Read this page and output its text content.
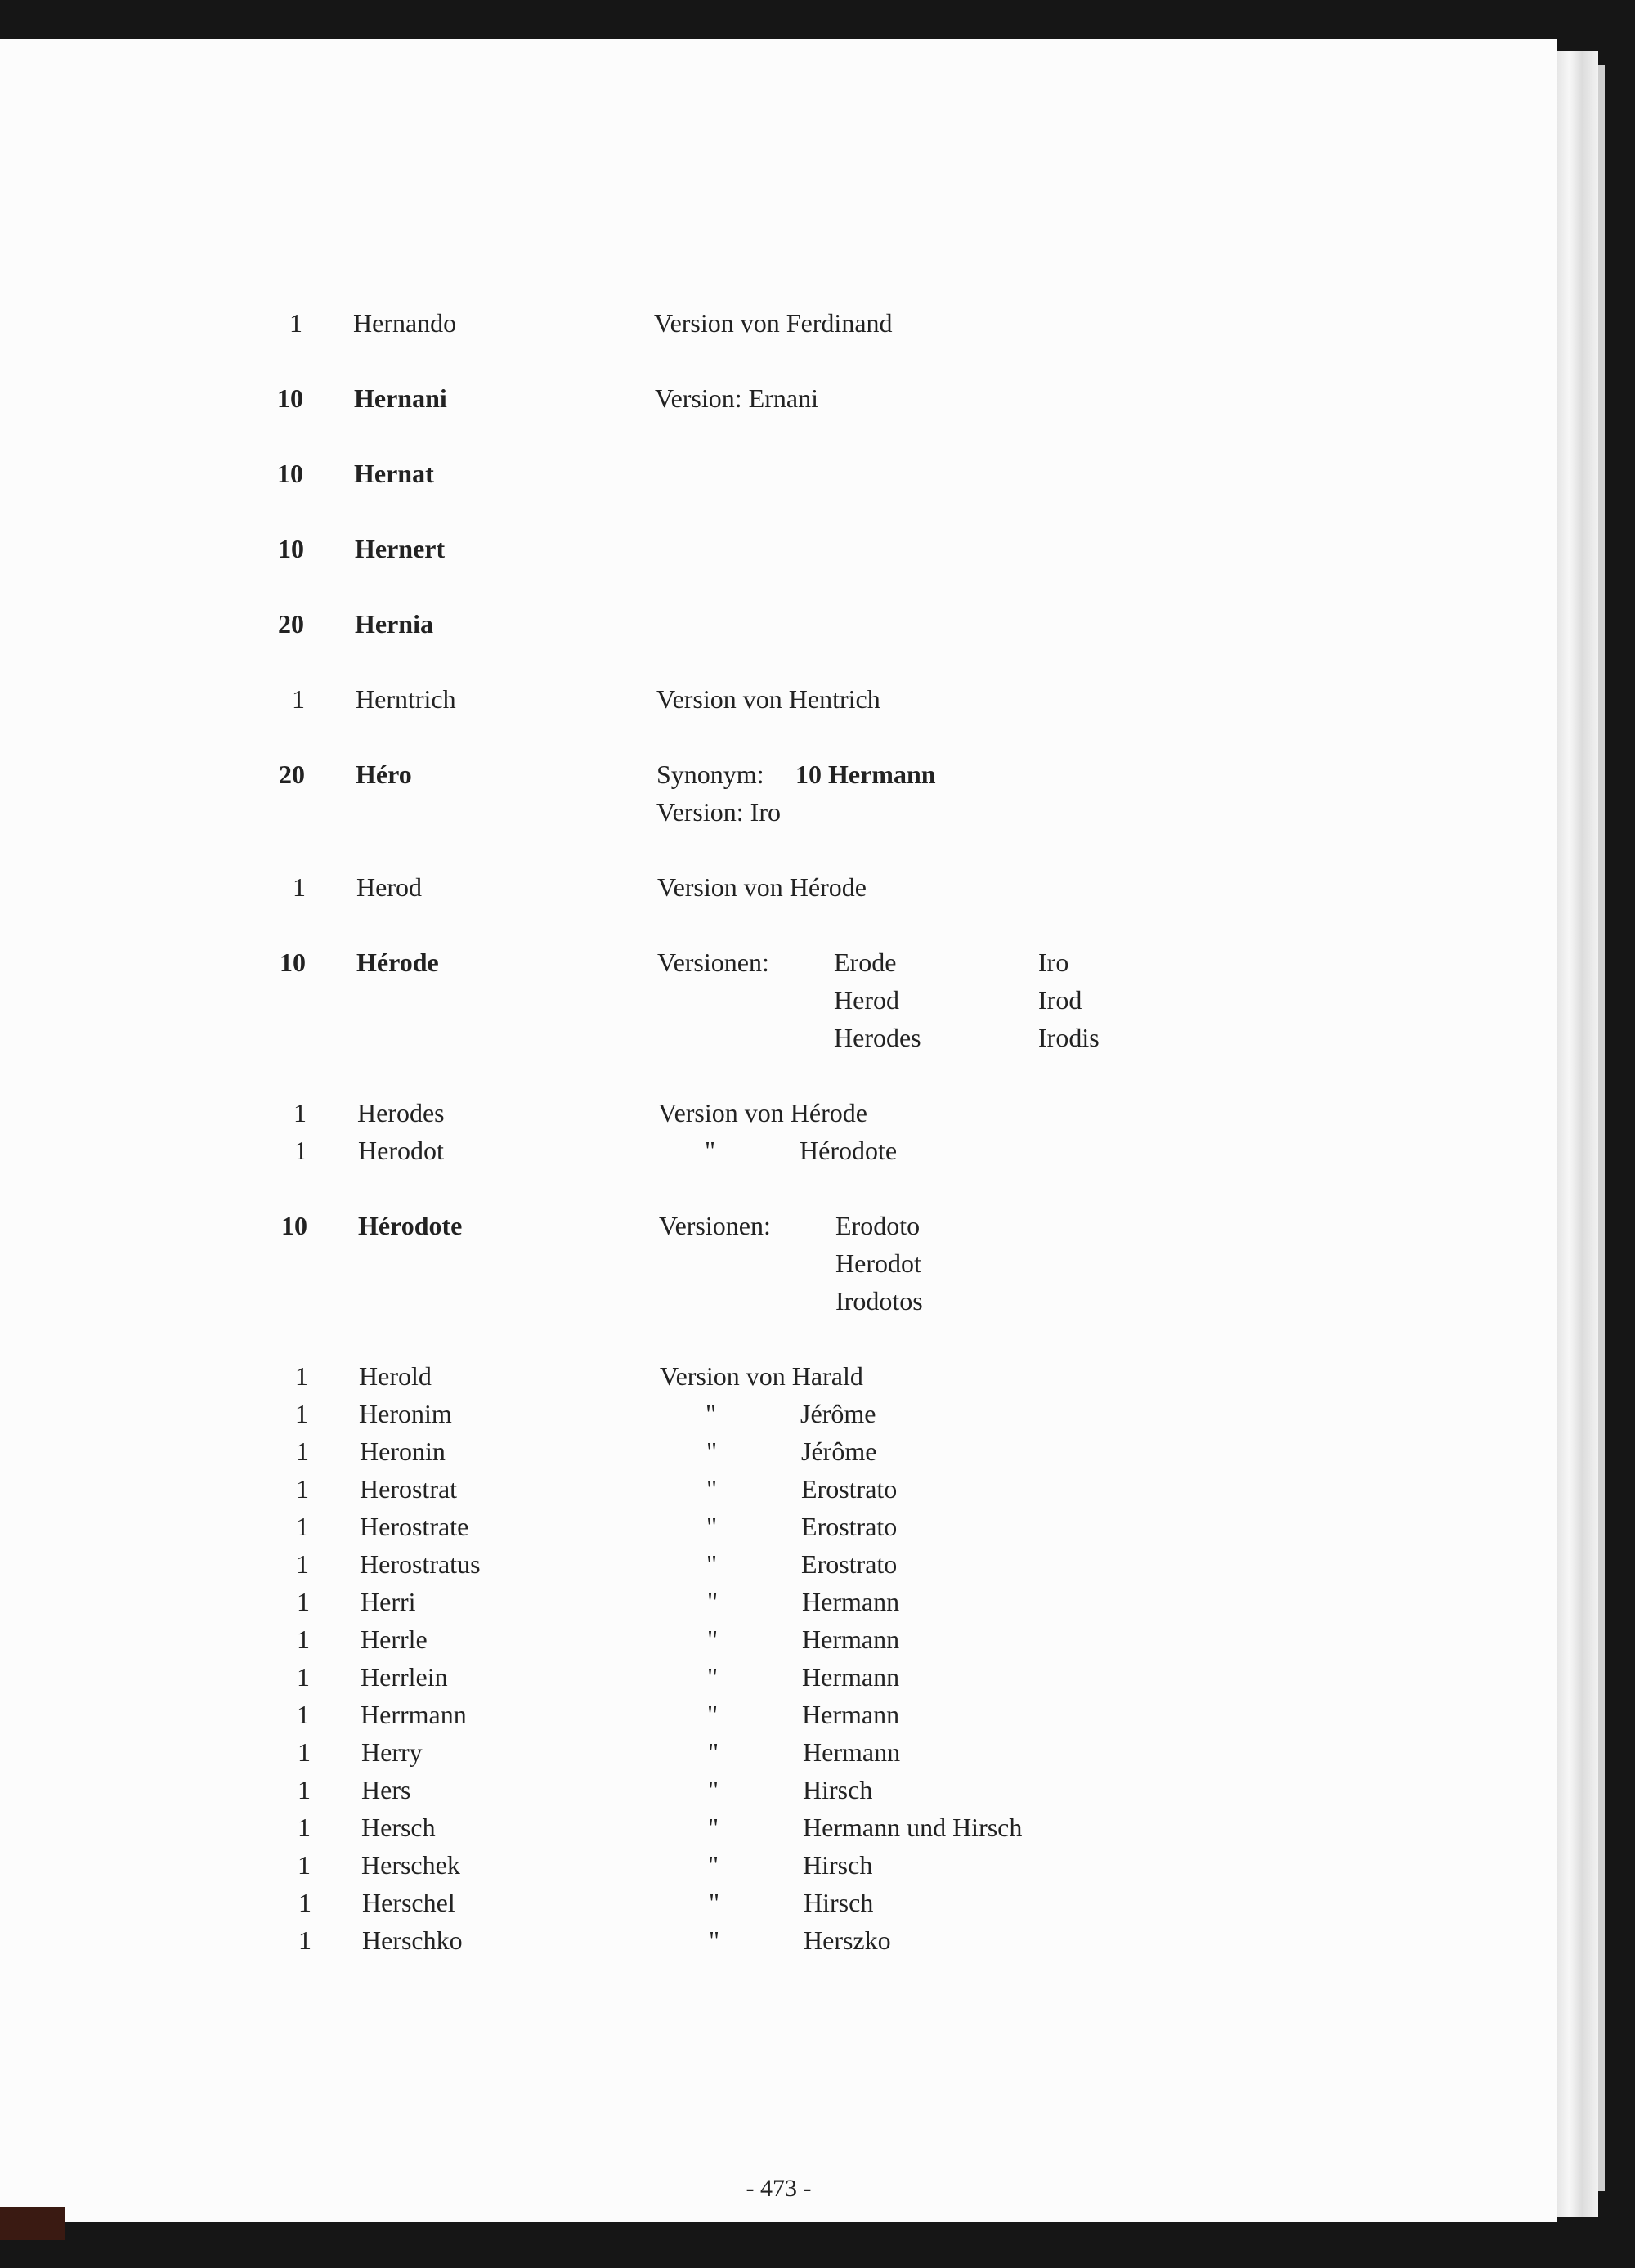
1 Hernando	Version von Ferdinand
10 Hernani	Version: Ernani
10 Hernat
10 Hernert
20 Hernia
1 Herntrich	Version von Hentrich
20 Héro	Synonym: 10 Hermann
Version: Iro
1 Herod	Version von Hérode
10 Hérode	Versionen: Erode	Iro
Herod	Irod
Herodes	Irodis
1 Herodes	Version von Hérode
1 Herodot	"	Hérodote
10 Hérodote	Versionen: Erodoto
Herodot
Irodotos
1 Herold	Version von Harald
1 Heronim	"	Jérôme
1 Heronin	"	Jérôme
1 Herostrat	"	Erostrato
1 Herostrate	"	Erostrato
1 Herostratus	"	Erostrato
1 Herri	"	Hermann
1 Herrle	"	Hermann
1 Herrlein	"	Hermann
1 Herrmann	"	Hermann
1 Herry	"	Hermann
1 Hers	"	Hirsch
1 Hersch	"	Hermann und Hirsch
1 Herschek	"	Hirsch
1 Herschel	"	Hirsch
1 Herschko	"	Herszko
- 473 -
